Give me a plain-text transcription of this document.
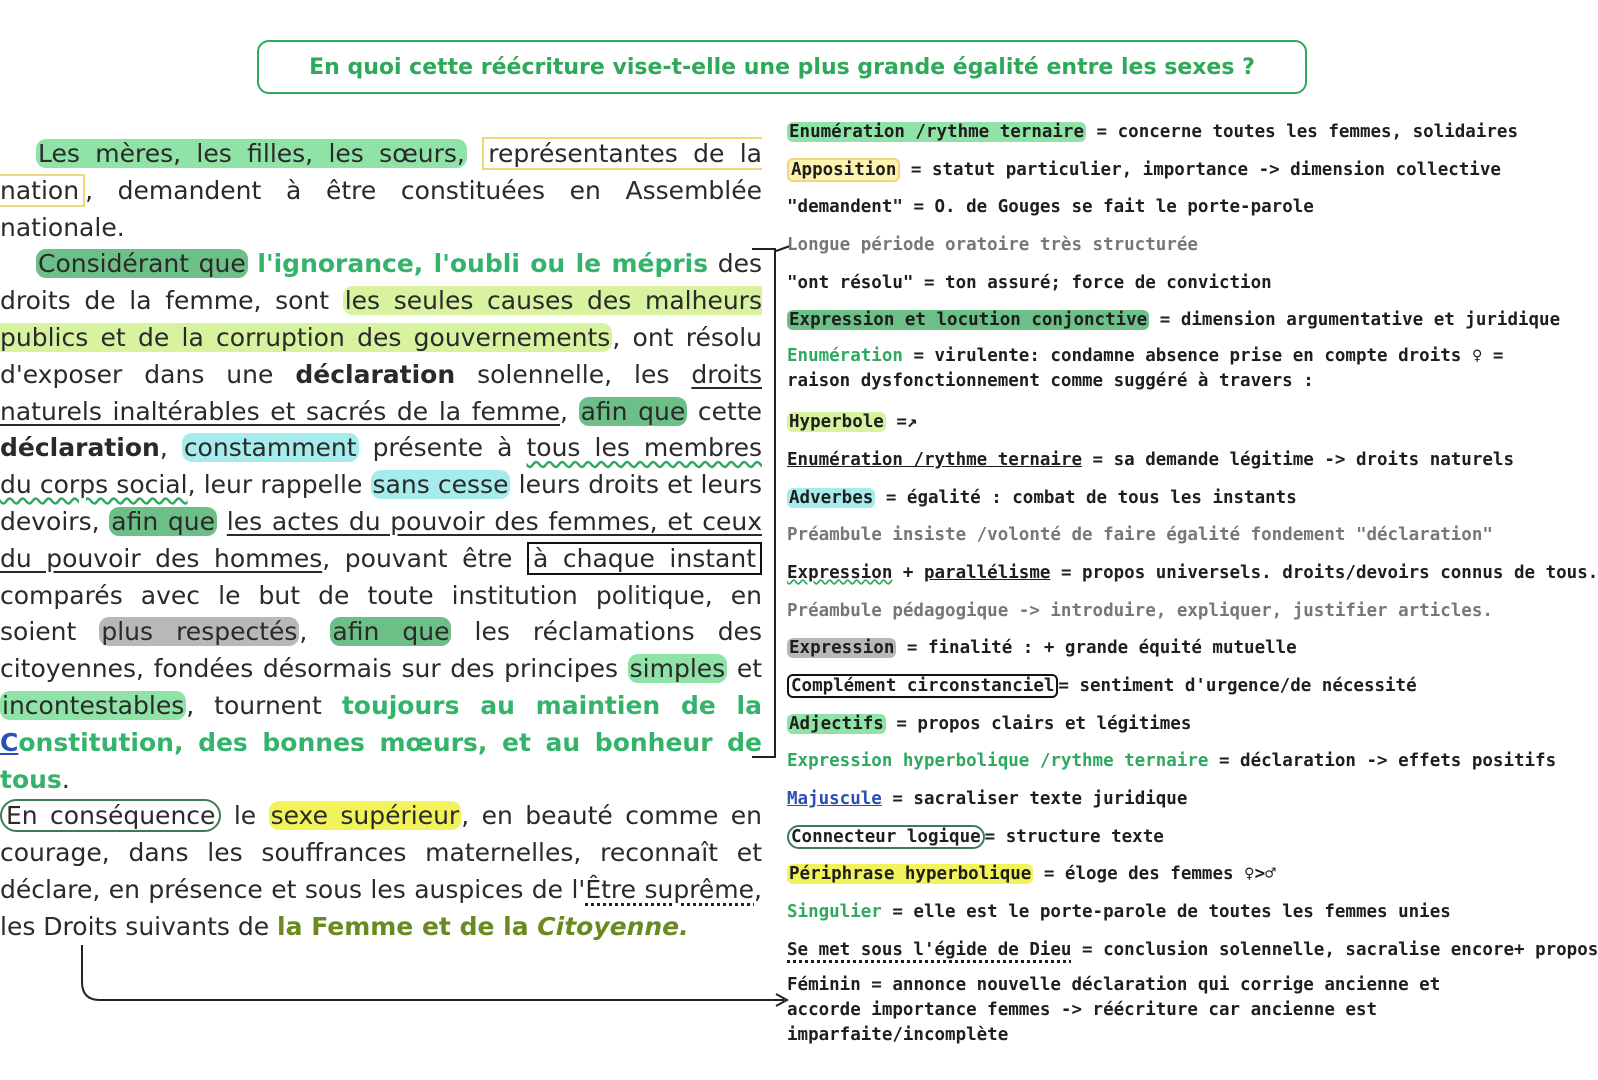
En quoi cette réécriture vise-t-elle une plus grande égalité entre les sexes ?

Les mères, les filles, les sœurs, représentantes de la nation , demandent à être constituées en Assemblée nationale.

Considérant que l'ignorance, l'oubli ou le mépris des droits de la femme, sont les seules causes des malheurs publics et de la corruption des gouvernements, ont résolu d'exposer dans une déclaration solennelle, les droits naturels inaltérables et sacrés de la femme, afin que cette déclaration, constamment présente à tous les membres du corps social, leur rappelle sans cesse leurs droits et leurs devoirs, afin que les actes du pouvoir des femmes, et ceux du pouvoir des hommes, pouvant être à chaque instant comparés avec le but de toute institution politique, en soient plus respectés, afin que les réclamations des citoyennes, fondées désormais sur des principes simples et incontestables, tournent toujours au maintien de la Constitution, des bonnes mœurs, et au bonheur de tous.

En conséquence le sexe supérieur, en beauté comme en courage, dans les souffrances maternelles, reconnaît et déclare, en présence et sous les auspices de l'Être suprême, les Droits suivants de la Femme et de la Citoyenne.

Enumération /rythme ternaire = concerne toutes les femmes, solidaires
Apposition = statut particulier, importance -> dimension collective
"demandent" = O. de Gouges se fait le porte-parole
Longue période oratoire très structurée
"ont résolu" = ton assuré; force de conviction
Expression et locution conjonctive = dimension argumentative et juridique
Enumération = virulente: condamne absence prise en compte droits ♀ = raison dysfonctionnement comme suggéré à travers :
Hyperbole =↗
Enumération /rythme ternaire = sa demande légitime -> droits naturels
Adverbes = égalité : combat de tous les instants
Préambule insiste /volonté de faire égalité fondement "déclaration"
Expression + parallélisme = propos universels. droits/devoirs connus de tous.
Préambule pédagogique -> introduire, expliquer, justifier articles.
Expression = finalité : + grande équité mutuelle
Complément circonstanciel = sentiment d'urgence/de nécessité
Adjectifs = propos clairs et légitimes
Expression hyperbolique /rythme ternaire = déclaration -> effets positifs
Majuscule = sacraliser texte juridique
Connecteur logique = structure texte
Périphrase hyperbolique = éloge des femmes ♀>♂
Singulier = elle est le porte-parole de toutes les femmes unies
Se met sous l'égide de Dieu = conclusion solennelle, sacralise encore+ propos
Féminin = annonce nouvelle déclaration qui corrige ancienne et accorde importance femmes -> réécriture car ancienne est imparfaite/incomplète
